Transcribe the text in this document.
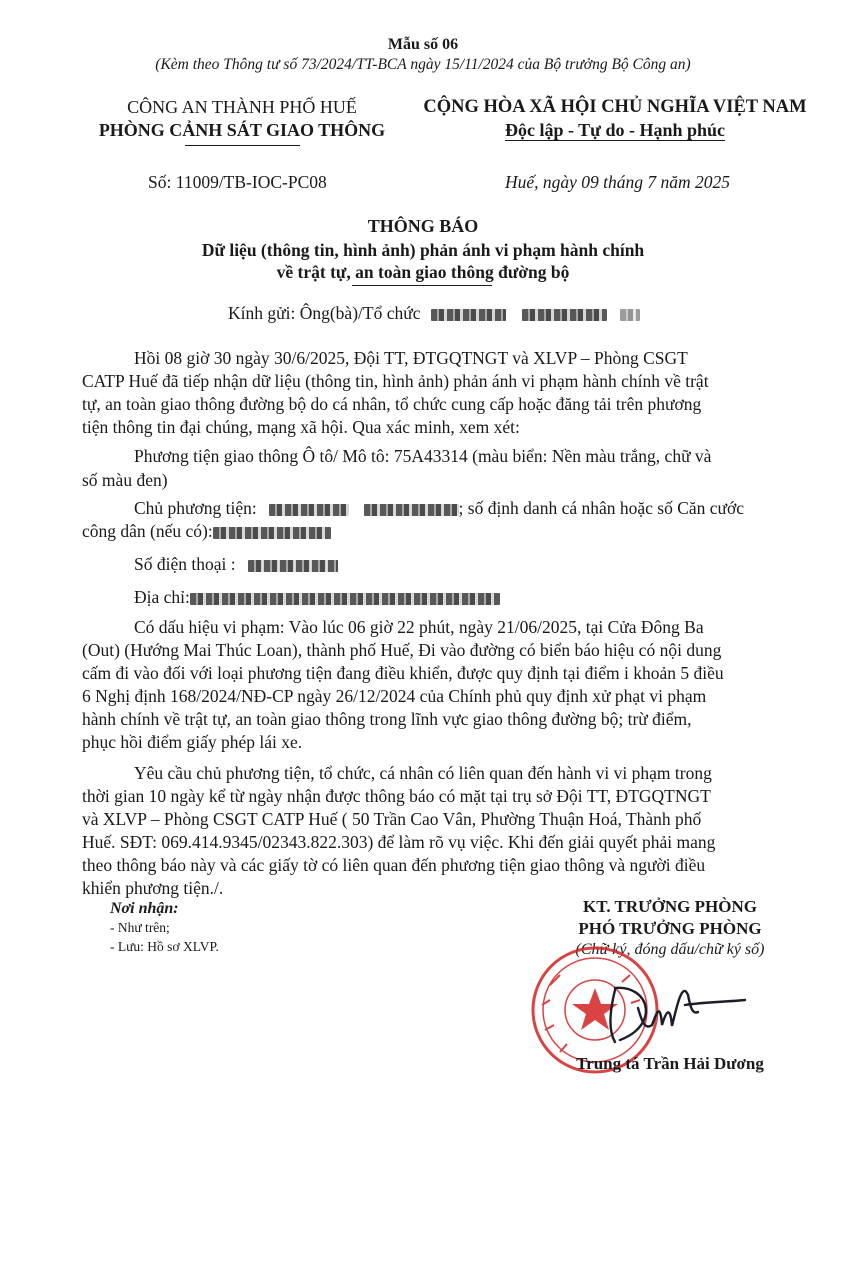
Mẫu số 06
(Kèm theo Thông tư số 73/2024/TT-BCA ngày 15/11/2024 của Bộ trưởng Bộ Công an)
CÔNG AN THÀNH PHỐ HUẾ
PHÒNG CẢNH SÁT GIAO THÔNG
CỘNG HÒA XÃ HỘI CHỦ NGHĨA VIỆT NAM
Độc lập - Tự do - Hạnh phúc
Số: 11009/TB-IOC-PC08	Huế, ngày 09 tháng 7 năm 2025
THÔNG BÁO
Dữ liệu (thông tin, hình ảnh) phản ánh vi phạm hành chính
về trật tự, an toàn giao thông đường bộ
Kính gửi: Ông(bà)/Tổ chức
Hồi 08 giờ 30 ngày 30/6/2025, Đội TT, ĐTGQTNGT và XLVP – Phòng CSGT
CATP Huế đã tiếp nhận dữ liệu (thông tin, hình ảnh) phản ánh vi phạm hành chính về trật
tự, an toàn giao thông đường bộ do cá nhân, tổ chức cung cấp hoặc đăng tải trên phương
tiện thông tin đại chúng, mạng xã hội. Qua xác minh, xem xét:
Phương tiện giao thông Ô tô/ Mô tô: 75A43314 (màu biển: Nền màu trắng, chữ và
số màu đen)
Chủ phương tiện:	; số định danh cá nhân hoặc số Căn cước
công dân (nếu có):
Số điện thoại :
Địa chỉ:
Có dấu hiệu vi phạm: Vào lúc 06 giờ 22 phút, ngày 21/06/2025, tại Cửa Đông Ba
(Out) (Hướng Mai Thúc Loan), thành phố Huế, Đi vào đường có biển báo hiệu có nội dung
cấm đi vào đối với loại phương tiện đang điều khiển, được quy định tại điểm i khoản 5 điều
6 Nghị định 168/2024/NĐ-CP ngày 26/12/2024 của Chính phủ quy định xử phạt vi phạm
hành chính về trật tự, an toàn giao thông trong lĩnh vực giao thông đường bộ; trừ điểm,
phục hồi điểm giấy phép lái xe.
Yêu cầu chủ phương tiện, tổ chức, cá nhân có liên quan đến hành vi vi phạm trong
thời gian 10 ngày kể từ ngày nhận được thông báo có mặt tại trụ sở Đội TT, ĐTGQTNGT
và XLVP – Phòng CSGT CATP Huế ( 50 Trần Cao Vân, Phường Thuận Hoá, Thành phố
Huế. SĐT: 069.414.9345/02343.822.303) để làm rõ vụ việc. Khi đến giải quyết phải mang
theo thông báo này và các giấy tờ có liên quan đến phương tiện giao thông và người điều
khiển phương tiện./.
Nơi nhận:
- Như trên;
- Lưu: Hồ sơ XLVP.
KT. TRƯỞNG PHÒNG
PHÓ TRƯỞNG PHÒNG
(Chữ ký, đóng dấu/chữ ký số)
Trung tá Trần Hải Dương
